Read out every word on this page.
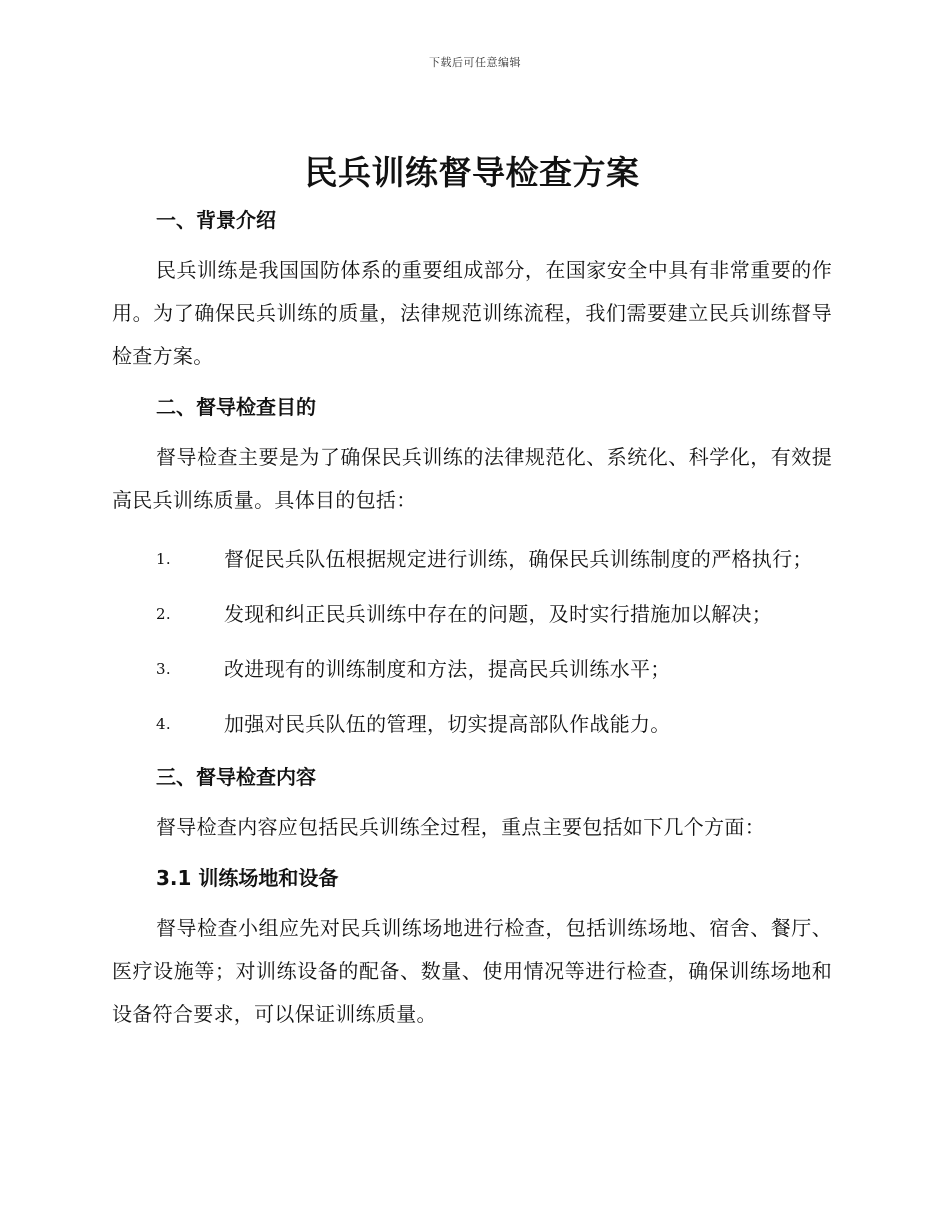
下载后可任意编辑
民兵训练督导检查方案
一、背景介绍
民兵训练是我国国防体系的重要组成部分，在国家安全中具有非常重要的作用。为了确保民兵训练的质量，法律规范训练流程，我们需要建立民兵训练督导检查方案。
二、督导检查目的
督导检查主要是为了确保民兵训练的法律规范化、系统化、科学化，有效提高民兵训练质量。具体目的包括：
1.	督促民兵队伍根据规定进行训练，确保民兵训练制度的严格执行；
2.	发现和纠正民兵训练中存在的问题，及时实行措施加以解决；
3.	改进现有的训练制度和方法，提高民兵训练水平；
4.	加强对民兵队伍的管理，切实提高部队作战能力。
三、督导检查内容
督导检查内容应包括民兵训练全过程，重点主要包括如下几个方面：
3.1 训练场地和设备
督导检查小组应先对民兵训练场地进行检查，包括训练场地、宿舍、餐厅、医疗设施等；对训练设备的配备、数量、使用情况等进行检查，确保训练场地和设备符合要求，可以保证训练质量。
